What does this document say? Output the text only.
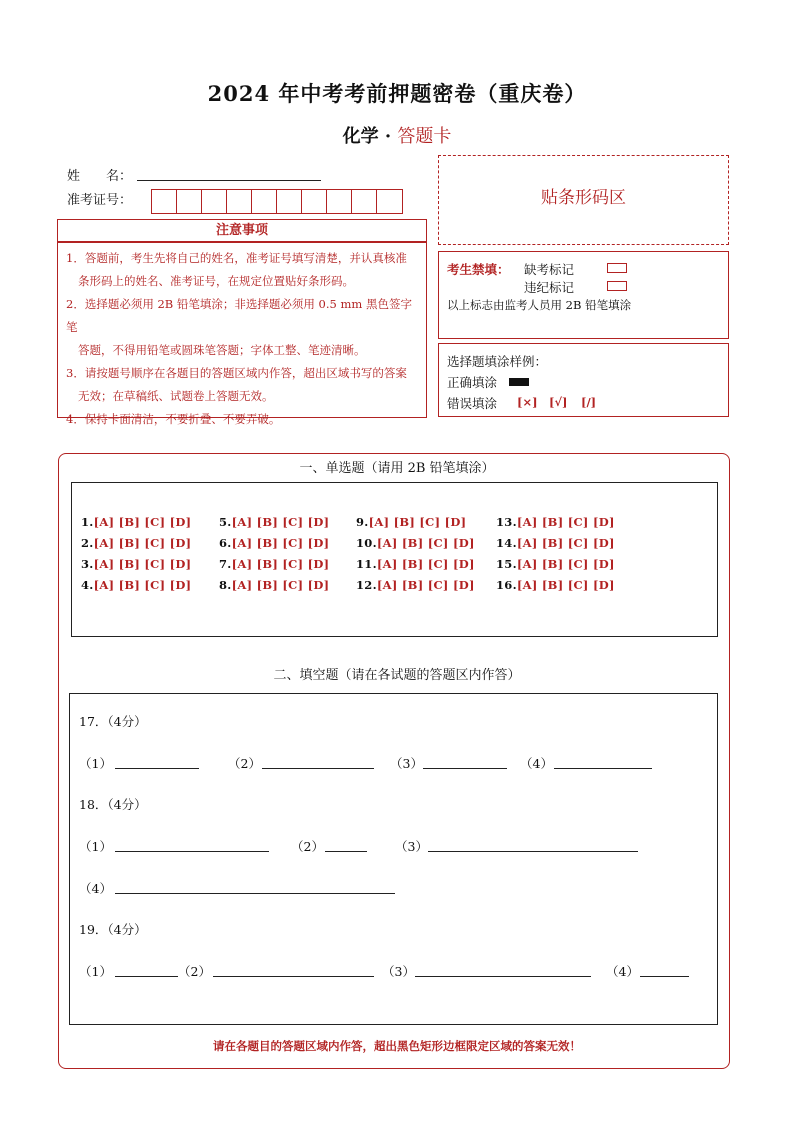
2024 年中考考前押题密卷（重庆卷）
化学 · 答题卡
姓　　名：
准考证号：
注意事项

1．答题前，考生先将自己的姓名，准考证号填写清楚，并认真核准

条形码上的姓名、准考证号，在规定位置贴好条形码。

2．选择题必须用 2B 铅笔填涂；非选择题必须用 0.5 mm 黑色签字笔

答题，不得用铅笔或圆珠笔答题；字体工整、笔迹清晰。

3．请按题号顺序在各题目的答题区域内作答，超出区域书写的答案

无效；在草稿纸、试题卷上答题无效。

4．保持卡面清洁，不要折叠、不要弄破。

贴条形码区
考生禁填： 缺考标记
违纪标记
以上标志由监考人员用 2B 铅笔填涂
选择题填涂样例：
正确填涂
错误填涂 [×] [√] [/]
一、单选题（请用 2B 铅笔填涂）
1.[A] [B] [C] [D]
2.[A] [B] [C] [D]
3.[A] [B] [C] [D]
4.[A] [B] [C] [D]
5.[A] [B] [C] [D]
6.[A] [B] [C] [D]
7.[A] [B] [C] [D]
8.[A] [B] [C] [D]
9.[A] [B] [C] [D]
10.[A] [B] [C] [D]
11.[A] [B] [C] [D]
12.[A] [B] [C] [D]
13.[A] [B] [C] [D]
14.[A] [B] [C] [D]
15.[A] [B] [C] [D]
16.[A] [B] [C] [D]
二、填空题（请在各试题的答题区内作答）
17．（4分）
（1）	（2）	（3）	（4）
18．（4分）
（1）	（2）	（3）
（4）
19．（4分）
（1）	（2）	（3）	（4）
请在各题目的答题区域内作答，超出黑色矩形边框限定区域的答案无效！
